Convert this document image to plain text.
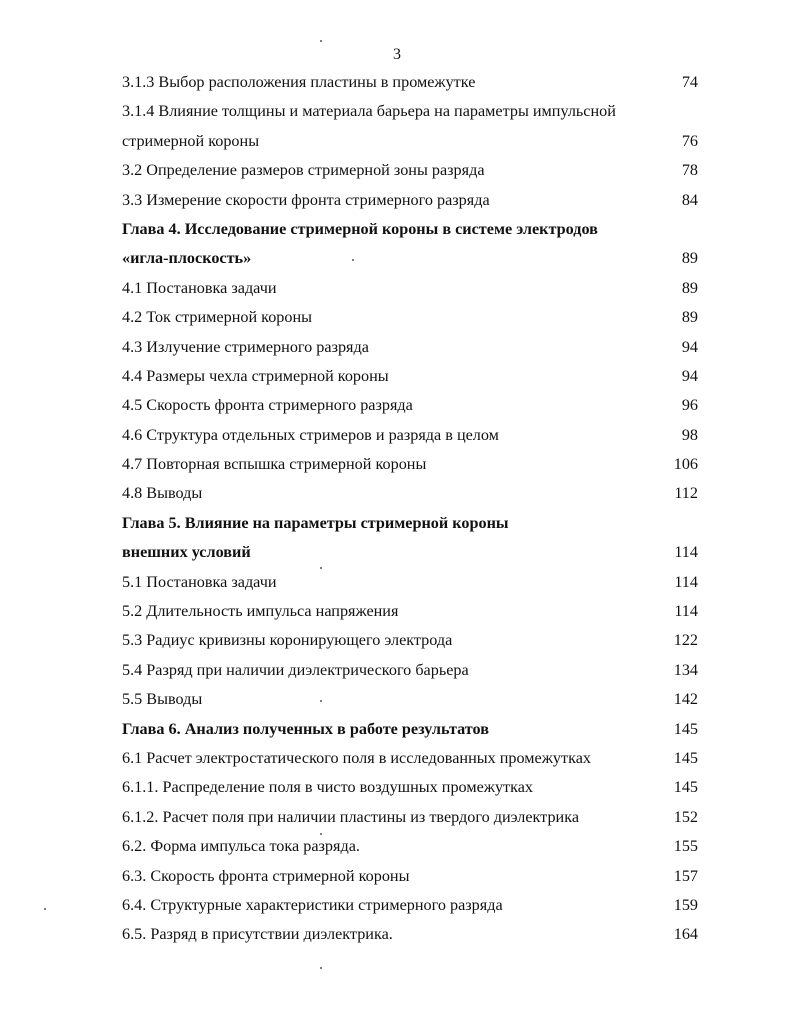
3
3.1.3 Выбор расположения пластины в промежутке	74
3.1.4 Влияние толщины и материала барьера на параметры импульсной
стримерной короны	76
3.2 Определение размеров стримерной зоны разряда	78
3.3 Измерение скорости фронта стримерного разряда	84
Глава 4. Исследование стримерной короны в системе электродов
«игла-плоскость»	89
4.1 Постановка задачи	89
4.2 Ток стримерной короны	89
4.3 Излучение стримерного разряда	94
4.4 Размеры чехла стримерной короны	94
4.5 Скорость фронта стримерного разряда	96
4.6 Структура отдельных стримеров и разряда в целом	98
4.7 Повторная вспышка стримерной короны	106
4.8 Выводы	112
Глава 5. Влияние на параметры стримерной короны
внешних условий	114
5.1 Постановка задачи	114
5.2 Длительность импульса напряжения	114
5.3 Радиус кривизны коронирующего электрода	122
5.4 Разряд при наличии диэлектрического барьера	134
5.5 Выводы	142
Глава 6. Анализ полученных в работе результатов	145
6.1 Расчет электростатического поля в исследованных промежутках	145
6.1.1. Распределение поля в чисто воздушных промежутках	145
6.1.2. Расчет поля при наличии пластины из твердого диэлектрика	152
6.2. Форма импульса тока разряда.	155
6.3. Скорость фронта стримерной короны	157
6.4. Структурные характеристики стримерного разряда	159
6.5. Разряд в присутствии диэлектрика.	164
